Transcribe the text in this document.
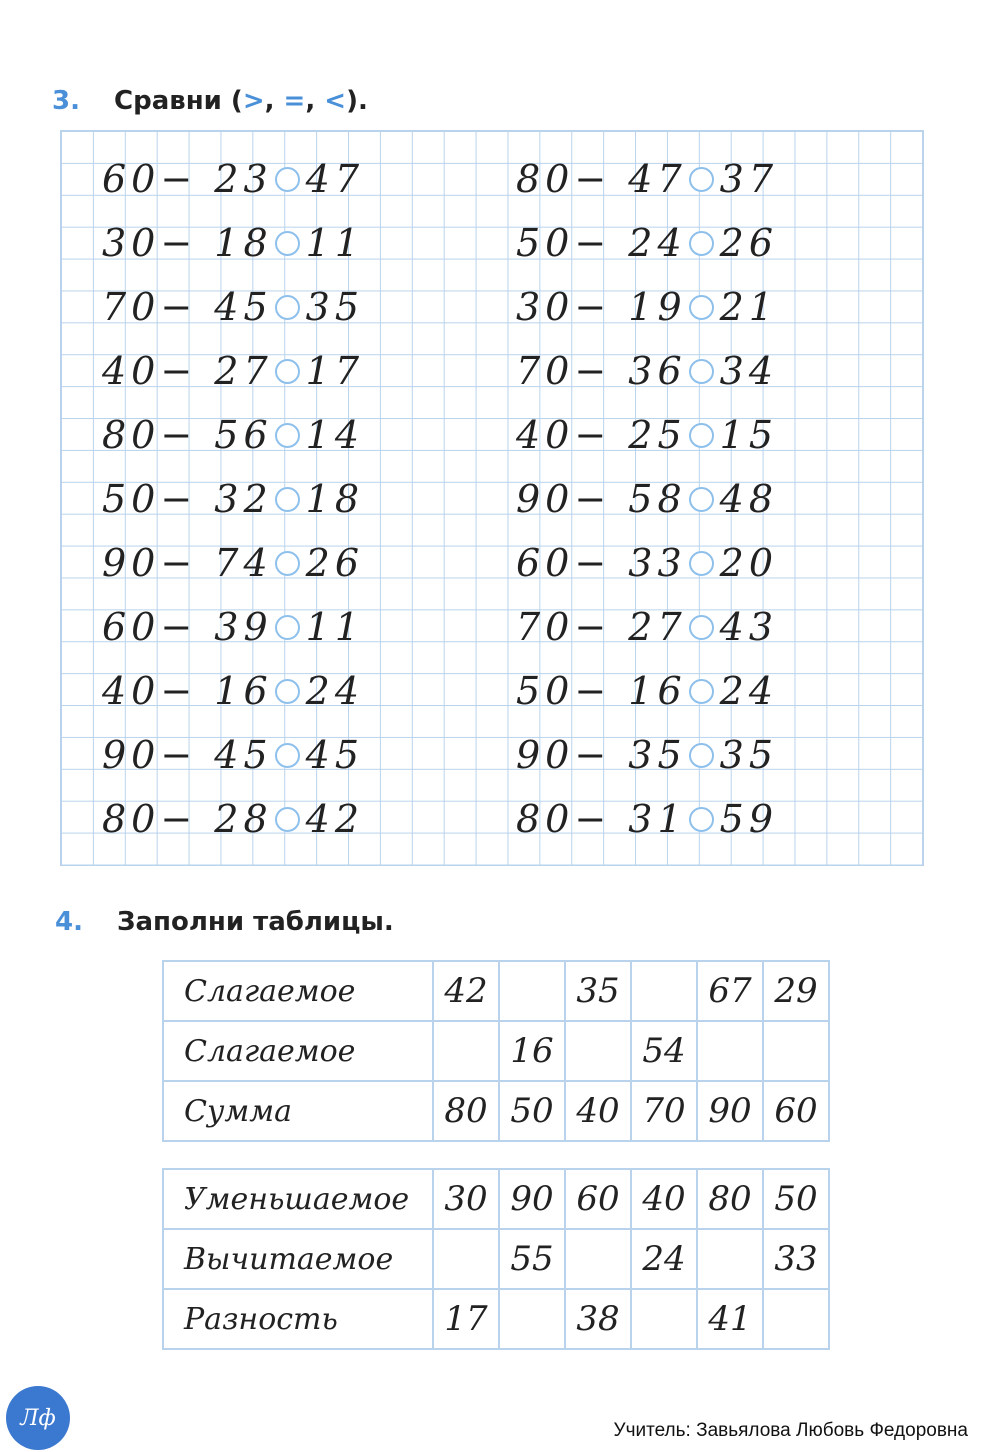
3.	Сравни (>, =, <).
60− 23 47
30− 18 11
70− 45 35
40− 27 17
80− 56 14
50− 32 18
90− 74 26
60− 39 11
40− 16 24
90− 45 45
80− 28 42
80− 47 37
50− 24 26
30− 19 21
70− 36 34
40− 25 15
90− 58 48
60− 33 20
70− 27 43
50− 16 24
90− 35 35
80− 31 59
4.	Заполни таблицы.
Слагаемое	42		35		67	29
Слагаемое		16		54		
Сумма	80	50	40	70	90	60
Уменьшаемое	30	90	60	40	80	50
Вычитаемое		55		24		33
Разность	17		38		41	
Лф	Учитель: Завьялова Любовь Федоровна
